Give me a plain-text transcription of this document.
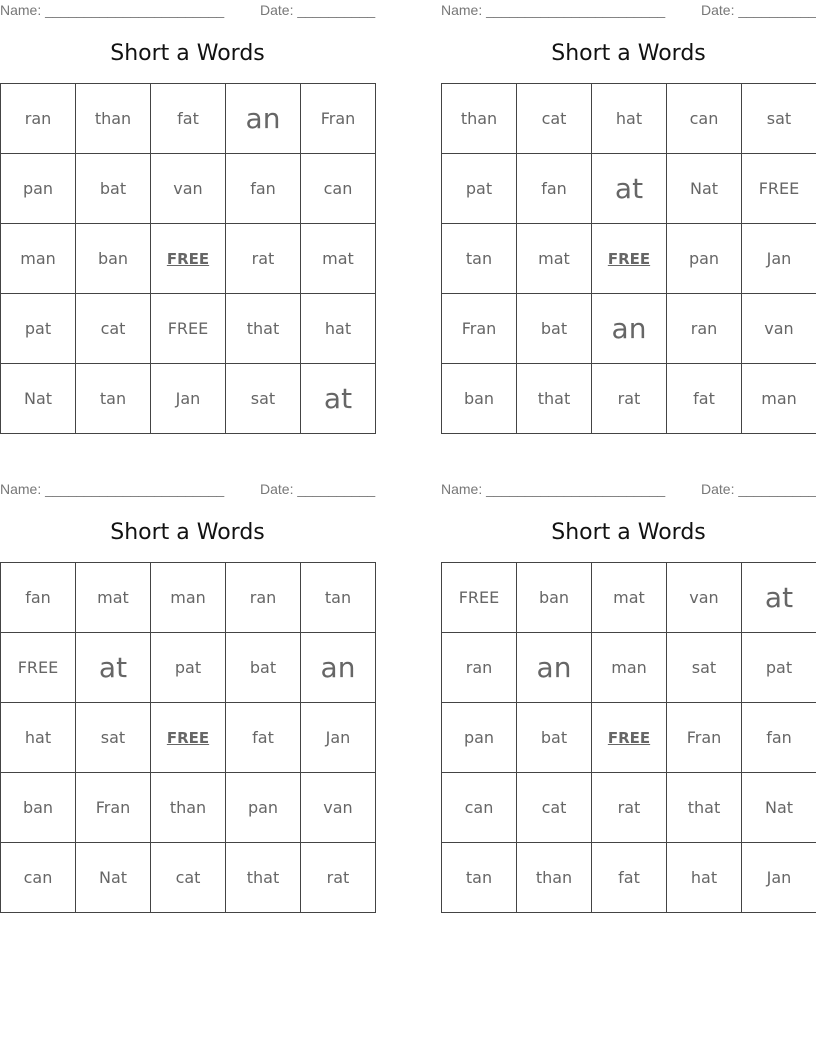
Name: _______________________	Date: __________
Short a Words
ran	than	fat	an	Fran
pan	bat	van	fan	can
man	ban	FREE	rat	mat
pat	cat	FREE	that	hat
Nat	tan	Jan	sat	at
Name: _______________________	Date: __________
Short a Words
than	cat	hat	can	sat
pat	fan	at	Nat	FREE
tan	mat	FREE	pan	Jan
Fran	bat	an	ran	van
ban	that	rat	fat	man
Name: _______________________	Date: __________
Short a Words
fan	mat	man	ran	tan
FREE	at	pat	bat	an
hat	sat	FREE	fat	Jan
ban	Fran	than	pan	van
can	Nat	cat	that	rat
Name: _______________________	Date: __________
Short a Words
FREE	ban	mat	van	at
ran	an	man	sat	pat
pan	bat	FREE	Fran	fan
can	cat	rat	that	Nat
tan	than	fat	hat	Jan
